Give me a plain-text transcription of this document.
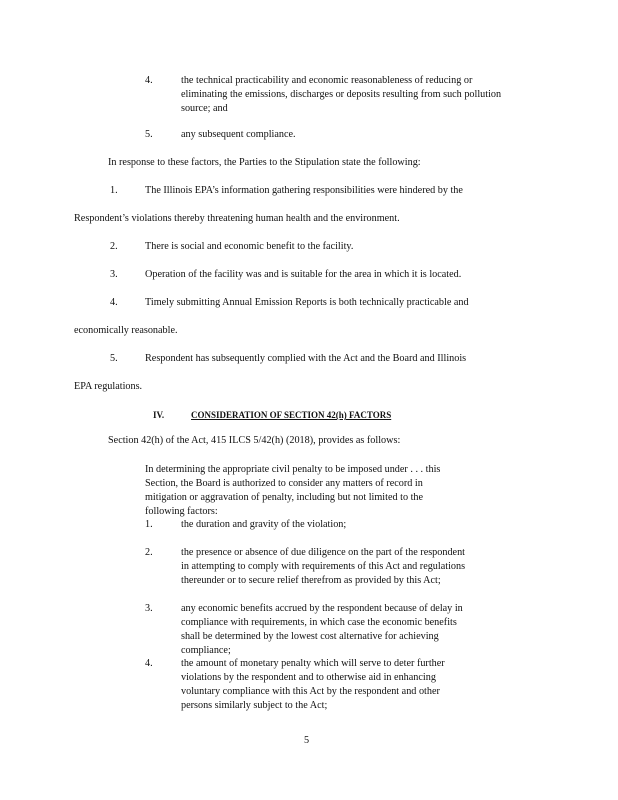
4.	the technical practicability and economic reasonableness of reducing or eliminating the emissions, discharges or deposits resulting from such pollution source; and
5.	any subsequent compliance.
In response to these factors, the Parties to the Stipulation state the following:
1.	The Illinois EPA’s information gathering responsibilities were hindered by the
Respondent’s violations thereby threatening human health and the environment.
2.	There is social and economic benefit to the facility.
3.	Operation of the facility was and is suitable for the area in which it is located.
4.	Timely submitting Annual Emission Reports is both technically practicable and
economically reasonable.
5.	Respondent has subsequently complied with the Act and the Board and Illinois
EPA regulations.
IV.	CONSIDERATION OF SECTION 42(h) FACTORS
Section 42(h) of the Act, 415 ILCS 5/42(h) (2018), provides as follows:
In determining the appropriate civil penalty to be imposed under . . . this Section, the Board is authorized to consider any matters of record in mitigation or aggravation of penalty, including but not limited to the following factors:
1.	the duration and gravity of the violation;
2.	the presence or absence of due diligence on the part of the respondent in attempting to comply with requirements of this Act and regulations thereunder or to secure relief therefrom as provided by this Act;
3.	any economic benefits accrued by the respondent because of delay in compliance with requirements, in which case the economic benefits shall be determined by the lowest cost alternative for achieving compliance;
4.	the amount of monetary penalty which will serve to deter further violations by the respondent and to otherwise aid in enhancing voluntary compliance with this Act by the respondent and other persons similarly subject to the Act;
5
